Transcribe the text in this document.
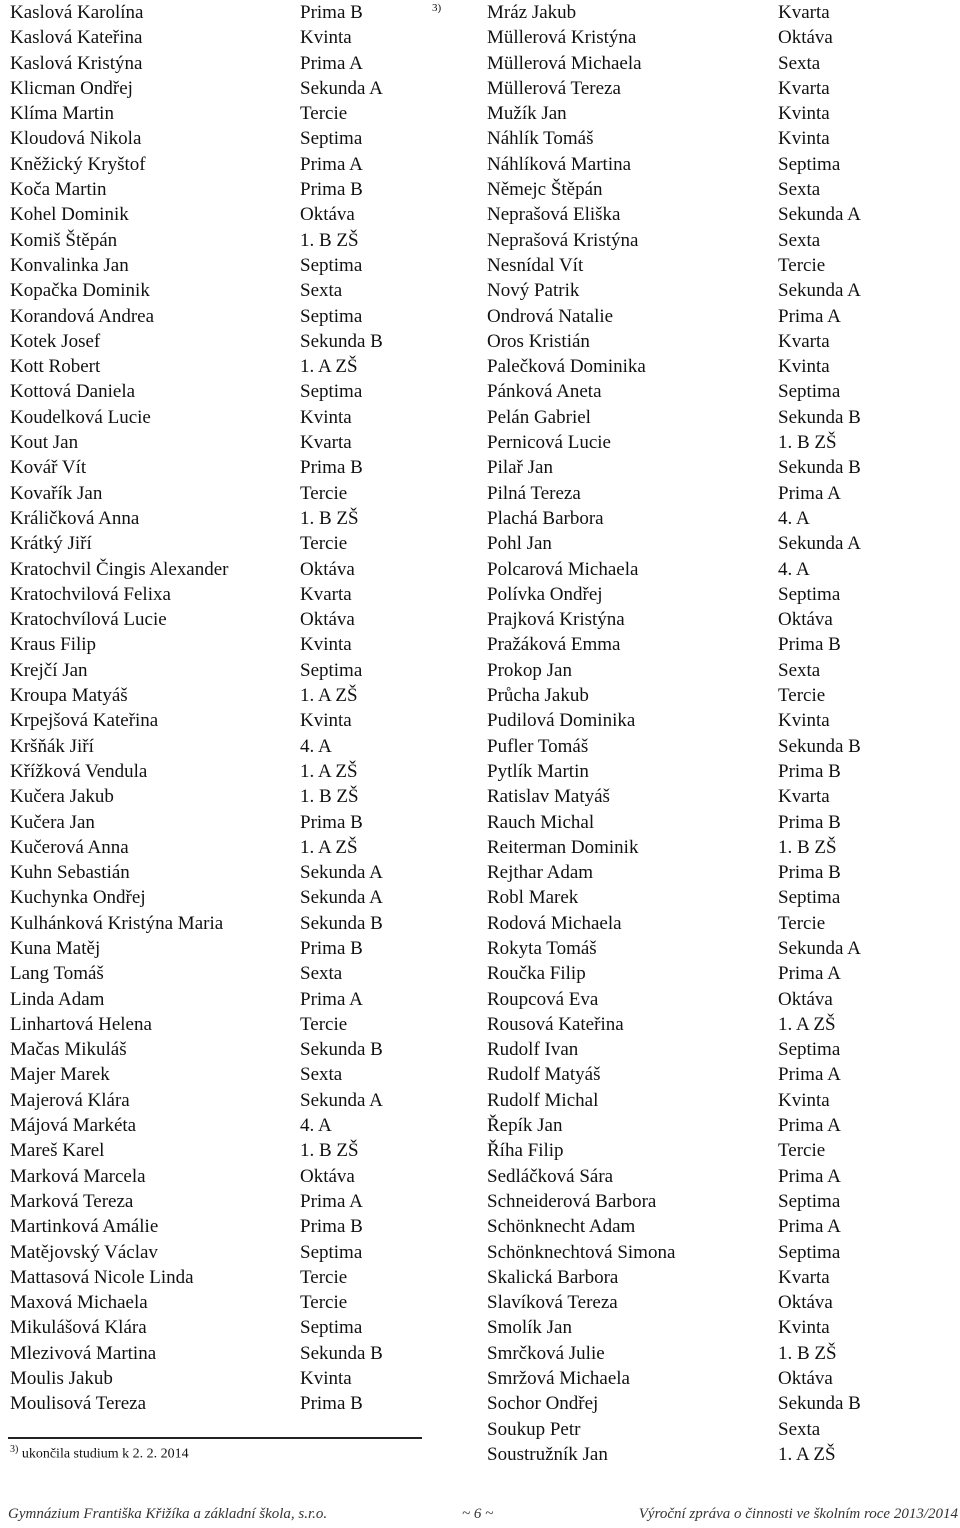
Kaslová Karolína	Prima B
Kaslová Kateřina	Kvinta
Kaslová Kristýna	Prima A
Klicman Ondřej	Sekunda A
Klíma Martin	Tercie
Kloudová Nikola	Septima
Kněžický Kryštof	Prima A
Koča Martin	Prima B
Kohel Dominik	Oktáva
Komiš Štěpán	1. B ZŠ
Konvalinka Jan	Septima
Kopačka Dominik	Sexta
Korandová Andrea	Septima
Kotek Josef	Sekunda B
Kott Robert	1. A ZŠ
Kottová Daniela	Septima
Koudelková Lucie	Kvinta
Kout Jan	Kvarta
Kovář Vít	Prima B
Kovařík Jan	Tercie
Králičková Anna	1. B ZŠ
Krátký Jiří	Tercie
Kratochvil Čingis Alexander	Oktáva
Kratochvilová Felixa	Kvarta
Kratochvílová Lucie	Oktáva
Kraus Filip	Kvinta
Krejčí Jan	Septima
Kroupa Matyáš	1. A ZŠ
Krpejšová Kateřina	Kvinta
Kršňák Jiří	4. A
Křížková Vendula	1. A ZŠ
Kučera Jakub	1. B ZŠ
Kučera Jan	Prima B
Kučerová Anna	1. A ZŠ
Kuhn Sebastián	Sekunda A
Kuchynka Ondřej	Sekunda A
Kulhánková Kristýna Maria	Sekunda B
Kuna Matěj	Prima B
Lang Tomáš	Sexta
Linda Adam	Prima A
Linhartová Helena	Tercie
Mačas Mikuláš	Sekunda B
Majer Marek	Sexta
Majerová Klára	Sekunda A
Májová Markéta	4. A
Mareš Karel	1. B ZŠ
Marková Marcela	Oktáva
Marková Tereza	Prima A
Martinková Amálie	Prima B
Matějovský Václav	Septima
Mattasová Nicole Linda	Tercie
Maxová Michaela	Tercie
Mikulášová Klára	Septima
Mlezivová Martina	Sekunda B
Moulis Jakub	Kvinta
Moulisová Tereza	Prima B
3) Mráz Jakub	Kvarta
Müllerová Kristýna	Oktáva
Müllerová Michaela	Sexta
Müllerová Tereza	Kvarta
Mužík Jan	Kvinta
Náhlík Tomáš	Kvinta
Náhlíková Martina	Septima
Němejc Štěpán	Sexta
Neprašová Eliška	Sekunda A
Neprašová Kristýna	Sexta
Nesnídal Vít	Tercie
Nový Patrik	Sekunda A
Ondrová Natalie	Prima A
Oros Kristián	Kvarta
Palečková Dominika	Kvinta
Pánková Aneta	Septima
Pelán Gabriel	Sekunda B
Pernicová Lucie	1. B ZŠ
Pilař Jan	Sekunda B
Pilná Tereza	Prima A
Plachá Barbora	4. A
Pohl Jan	Sekunda A
Polcarová Michaela	4. A
Polívka Ondřej	Septima
Prajková Kristýna	Oktáva
Pražáková Emma	Prima B
Prokop Jan	Sexta
Průcha Jakub	Tercie
Pudilová Dominika	Kvinta
Pufler Tomáš	Sekunda B
Pytlík Martin	Prima B
Ratislav Matyáš	Kvarta
Rauch Michal	Prima B
Reiterman Dominik	1. B ZŠ
Rejthar Adam	Prima B
Robl Marek	Septima
Rodová Michaela	Tercie
Rokyta Tomáš	Sekunda A
Roučka Filip	Prima A
Roupcová Eva	Oktáva
Rousová Kateřina	1. A ZŠ
Rudolf Ivan	Septima
Rudolf Matyáš	Prima A
Rudolf Michal	Kvinta
Řepík Jan	Prima A
Říha Filip	Tercie
Sedláčková Sára	Prima A
Schneiderová Barbora	Septima
Schönknecht Adam	Prima A
Schönknechtová Simona	Septima
Skalická Barbora	Kvarta
Slavíková Tereza	Oktáva
Smolík Jan	Kvinta
Smrčková Julie	1. B ZŠ
Smržová Michaela	Oktáva
Sochor Ondřej	Sekunda B
Soukup Petr	Sexta
Soustružník Jan	1. A ZŠ
$^{3)}$ ukončila studium k 2. 2. 2014
Gymnázium Františka Křižíka a základní škola, s.r.o.	~ 6 ~	Výroční zpráva o činnosti ve školním roce 2013/2014
